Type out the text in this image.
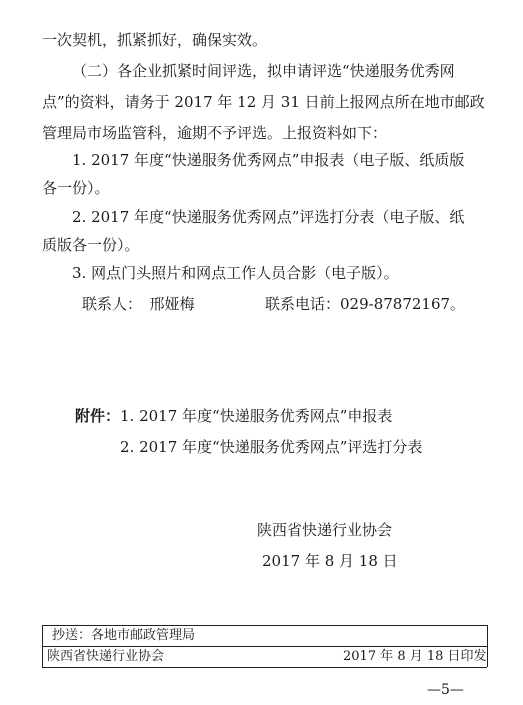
一次契机，抓紧抓好，确保实效。
（二）各企业抓紧时间评选，拟申请评选“快递服务优秀网
点”的资料，请务于 2017 年 12 月 31 日前上报网点所在地市邮政
管理局市场监管科，逾期不予评选。上报资料如下：
1. 2017 年度“快递服务优秀网点”申报表（电子版、纸质版
各一份）。
2. 2017 年度“快递服务优秀网点”评选打分表（电子版、纸
质版各一份）。
3. 网点门头照片和网点工作人员合影（电子版）。
联系人：　邢娅梅	联系电话：029-87872167。
附件： 1. 2017 年度“快递服务优秀网点”申报表
2. 2017 年度“快递服务优秀网点”评选打分表
陕西省快递行业协会
2017 年 8 月 18 日
抄送：各地市邮政管理局
陕西省快递行业协会	2017 年 8 月 18 日印发
—5—
